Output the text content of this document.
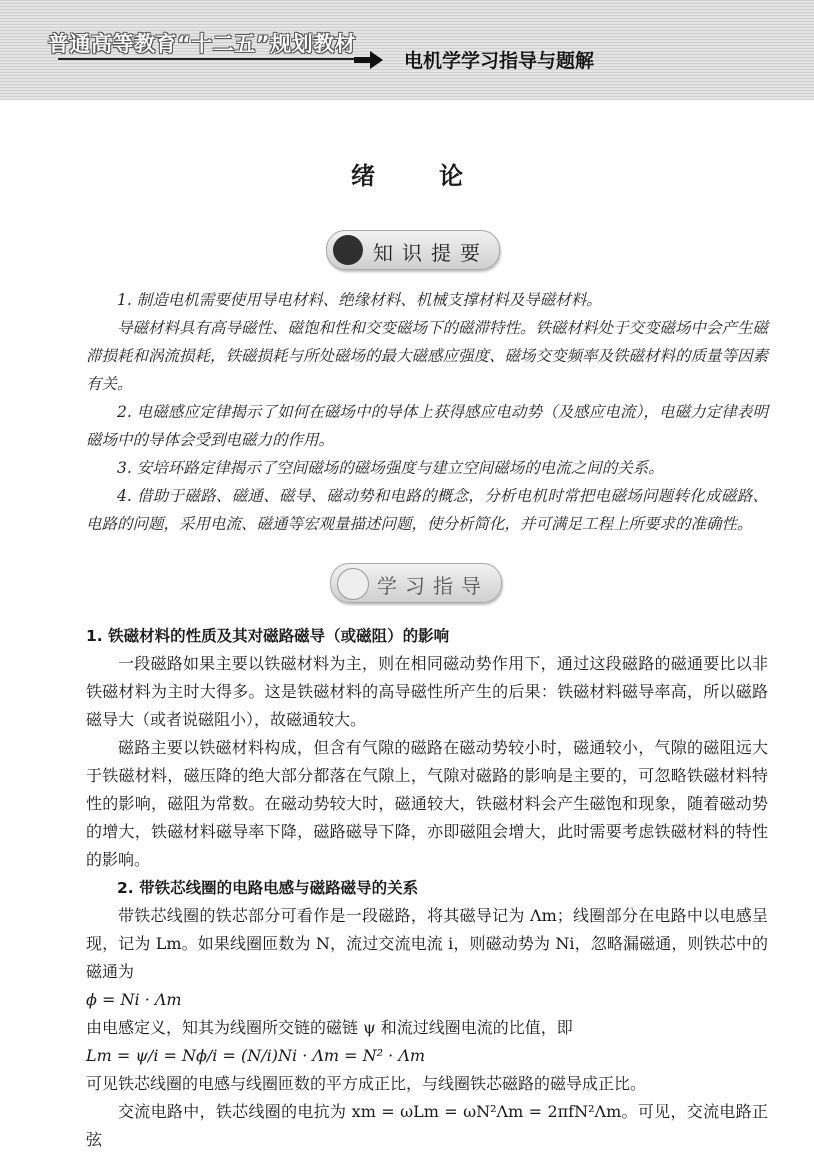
普通高等教育“十二五”规划教材
电机学学习指导与题解
绪论
知识提要

1. 制造电机需要使用导电材料、绝缘材料、机械支撑材料及导磁材料。

导磁材料具有高导磁性、磁饱和性和交变磁场下的磁滞特性。铁磁材料处于交变磁场中会产生磁滞损耗和涡流损耗，铁磁损耗与所处磁场的最大磁感应强度、磁场交变频率及铁磁材料的质量等因素有关。

2. 电磁感应定律揭示了如何在磁场中的导体上获得感应电动势（及感应电流），电磁力定律表明磁场中的导体会受到电磁力的作用。

3. 安培环路定律揭示了空间磁场的磁场强度与建立空间磁场的电流之间的关系。

4. 借助于磁路、磁通、磁导、磁动势和电路的概念，分析电机时常把电磁场问题转化成磁路、电路的问题，采用电流、磁通等宏观量描述问题，使分析简化，并可满足工程上所要求的准确性。

学习指导

1. 铁磁材料的性质及其对磁路磁导（或磁阻）的影响

一段磁路如果主要以铁磁材料为主，则在相同磁动势作用下，通过这段磁路的磁通要比以非铁磁材料为主时大得多。这是铁磁材料的高导磁性所产生的后果：铁磁材料磁导率高，所以磁路磁导大（或者说磁阻小），故磁通较大。

磁路主要以铁磁材料构成，但含有气隙的磁路在磁动势较小时，磁通较小，气隙的磁阻远大于铁磁材料，磁压降的绝大部分都落在气隙上，气隙对磁路的影响是主要的，可忽略铁磁材料特性的影响，磁阻为常数。在磁动势较大时，磁通较大，铁磁材料会产生磁饱和现象，随着磁动势的增大，铁磁材料磁导率下降，磁路磁导下降，亦即磁阻会增大，此时需要考虑铁磁材料的特性的影响。

2. 带铁芯线圈的电路电感与磁路磁导的关系

带铁芯线圈的铁芯部分可看作是一段磁路，将其磁导记为 Λm；线圈部分在电路中以电感呈现，记为 Lm。如果线圈匝数为 N，流过交流电流 i，则磁动势为 Ni，忽略漏磁通，则铁芯中的磁通为

ϕ = Ni · Λm

由电感定义，知其为线圈所交链的磁链 ψ 和流过线圈电流的比值，即

Lm = ψ/i = Nϕ/i = (N/i)Ni · Λm = N² · Λm

可见铁芯线圈的电感与线圈匝数的平方成正比，与线圈铁芯磁路的磁导成正比。

交流电路中，铁芯线圈的电抗为 xm = ωLm = ωN²Λm = 2πfN²Λm。可见，交流电路正弦
